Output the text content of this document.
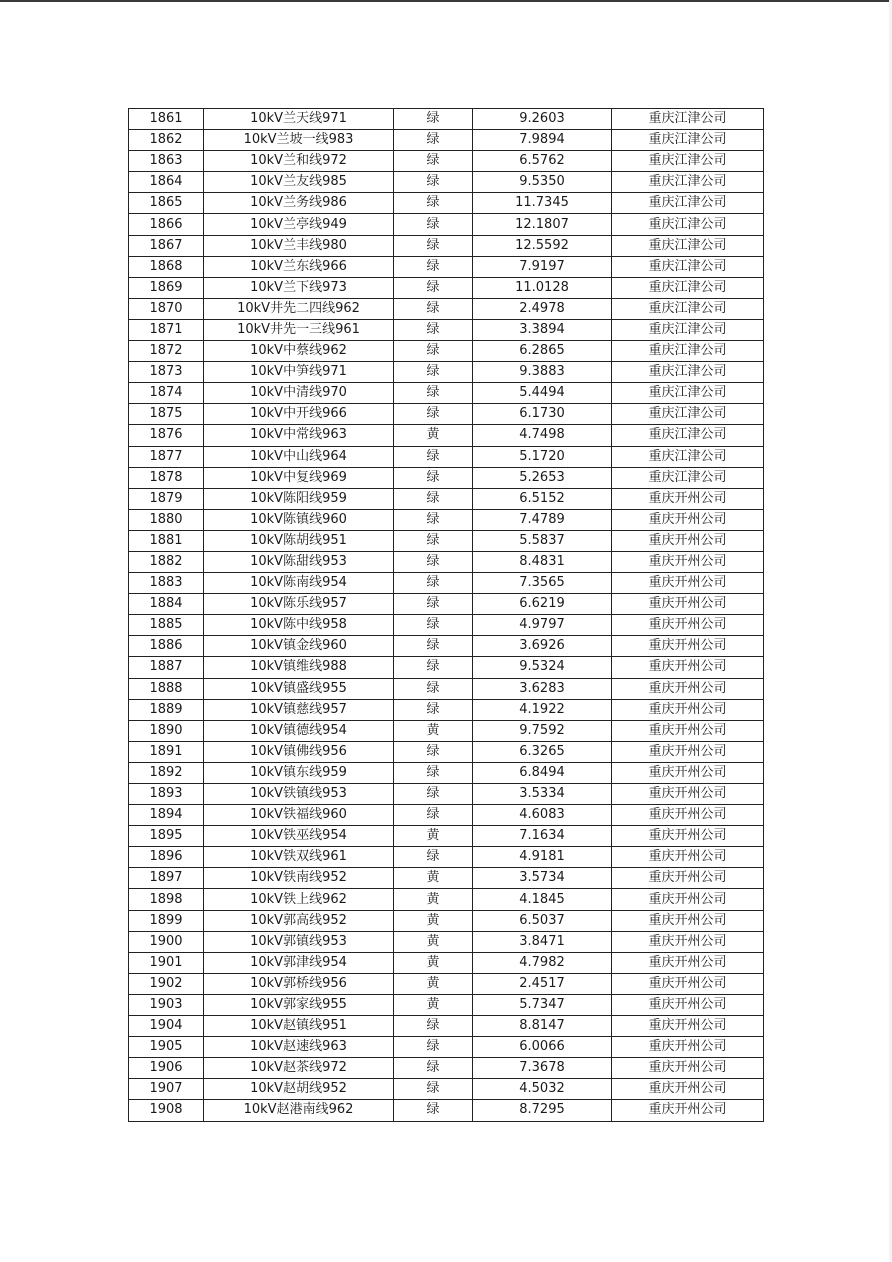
1861	10kV兰天线971	绿	9.2603	重庆江津公司
1862	10kV兰坡一线983	绿	7.9894	重庆江津公司
1863	10kV兰和线972	绿	6.5762	重庆江津公司
1864	10kV兰友线985	绿	9.5350	重庆江津公司
1865	10kV兰务线986	绿	11.7345	重庆江津公司
1866	10kV兰亭线949	绿	12.1807	重庆江津公司
1867	10kV兰丰线980	绿	12.5592	重庆江津公司
1868	10kV兰东线966	绿	7.9197	重庆江津公司
1869	10kV兰下线973	绿	11.0128	重庆江津公司
1870	10kV井先二四线962	绿	2.4978	重庆江津公司
1871	10kV井先一三线961	绿	3.3894	重庆江津公司
1872	10kV中蔡线962	绿	6.2865	重庆江津公司
1873	10kV中笋线971	绿	9.3883	重庆江津公司
1874	10kV中清线970	绿	5.4494	重庆江津公司
1875	10kV中开线966	绿	6.1730	重庆江津公司
1876	10kV中常线963	黄	4.7498	重庆江津公司
1877	10kV中山线964	绿	5.1720	重庆江津公司
1878	10kV中复线969	绿	5.2653	重庆江津公司
1879	10kV陈阳线959	绿	6.5152	重庆开州公司
1880	10kV陈镇线960	绿	7.4789	重庆开州公司
1881	10kV陈胡线951	绿	5.5837	重庆开州公司
1882	10kV陈甜线953	绿	8.4831	重庆开州公司
1883	10kV陈南线954	绿	7.3565	重庆开州公司
1884	10kV陈乐线957	绿	6.6219	重庆开州公司
1885	10kV陈中线958	绿	4.9797	重庆开州公司
1886	10kV镇金线960	绿	3.6926	重庆开州公司
1887	10kV镇维线988	绿	9.5324	重庆开州公司
1888	10kV镇盛线955	绿	3.6283	重庆开州公司
1889	10kV镇慈线957	绿	4.1922	重庆开州公司
1890	10kV镇德线954	黄	9.7592	重庆开州公司
1891	10kV镇佛线956	绿	6.3265	重庆开州公司
1892	10kV镇东线959	绿	6.8494	重庆开州公司
1893	10kV铁镇线953	绿	3.5334	重庆开州公司
1894	10kV铁福线960	绿	4.6083	重庆开州公司
1895	10kV铁巫线954	黄	7.1634	重庆开州公司
1896	10kV铁双线961	绿	4.9181	重庆开州公司
1897	10kV铁南线952	黄	3.5734	重庆开州公司
1898	10kV铁上线962	黄	4.1845	重庆开州公司
1899	10kV郭高线952	黄	6.5037	重庆开州公司
1900	10kV郭镇线953	黄	3.8471	重庆开州公司
1901	10kV郭津线954	黄	4.7982	重庆开州公司
1902	10kV郭桥线956	黄	2.4517	重庆开州公司
1903	10kV郭家线955	黄	5.7347	重庆开州公司
1904	10kV赵镇线951	绿	8.8147	重庆开州公司
1905	10kV赵速线963	绿	6.0066	重庆开州公司
1906	10kV赵茶线972	绿	7.3678	重庆开州公司
1907	10kV赵胡线952	绿	4.5032	重庆开州公司
1908	10kV赵港南线962	绿	8.7295	重庆开州公司
